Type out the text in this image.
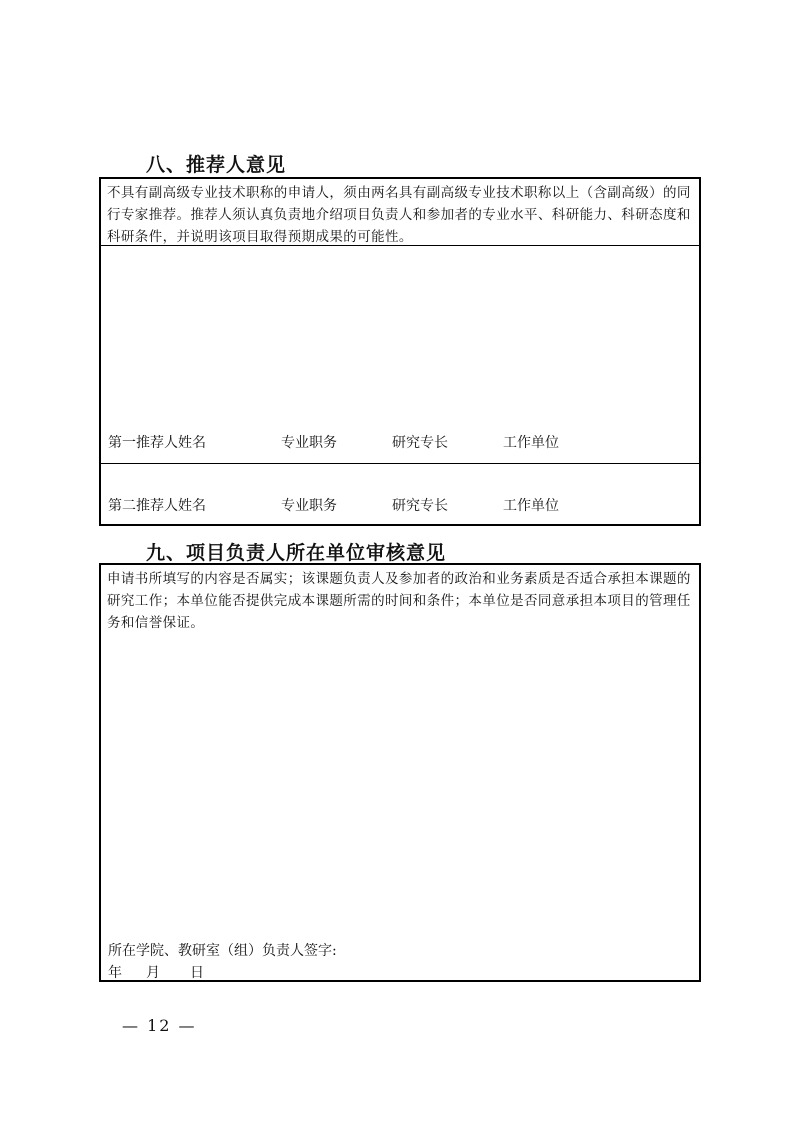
八、推荐人意见
不具有副高级专业技术职称的申请人，须由两名具有副高级专业技术职称以上（含副高级）的同行专家推荐。推荐人须认真负责地介绍项目负责人和参加者的专业水平、科研能力、科研态度和科研条件，并说明该项目取得预期成果的可能性。
第一推荐人姓名	专业职务	研究专长	工作单位
第二推荐人姓名	专业职务	研究专长	工作单位
九、项目负责人所在单位审核意见
申请书所填写的内容是否属实；该课题负责人及参加者的政治和业务素质是否适合承担本课题的研究工作；本单位能否提供完成本课题所需的时间和条件；本单位是否同意承担本项目的管理任务和信誉保证。
所在学院、教研室（组）负责人签字:
年 月 日
— 12 —
